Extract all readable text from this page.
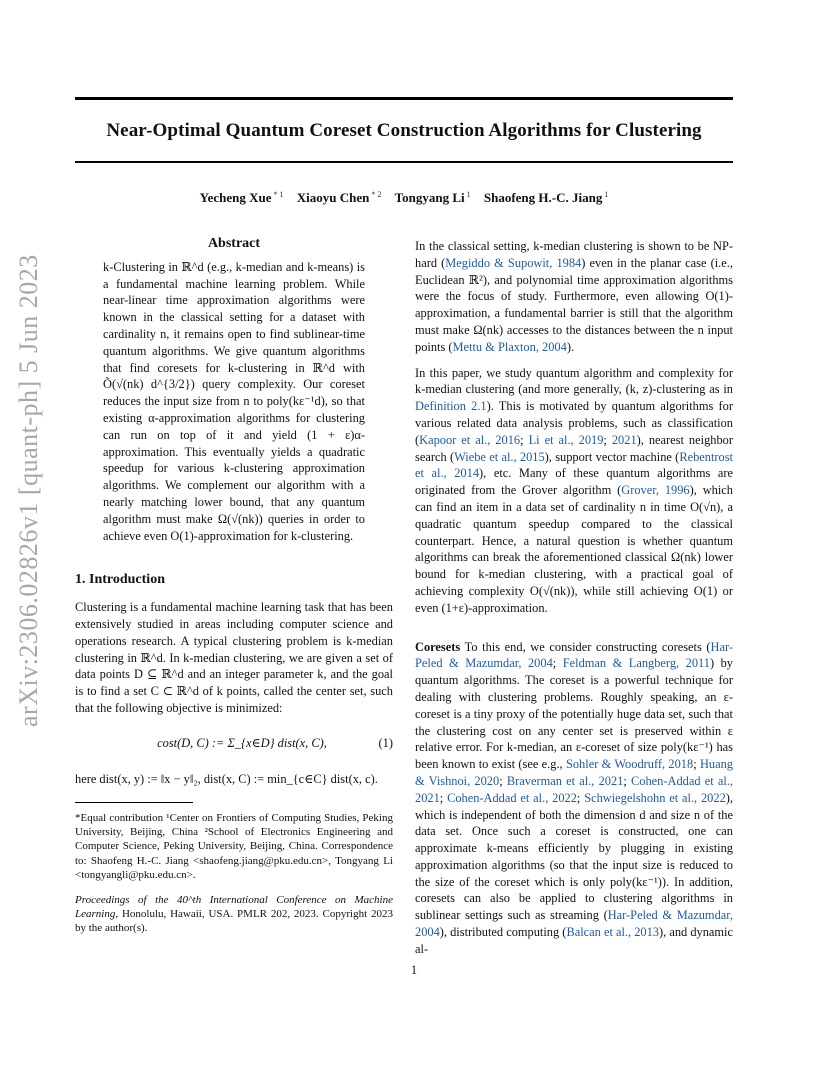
arXiv:2306.02826v1 [quant-ph] 5 Jun 2023
Near-Optimal Quantum Coreset Construction Algorithms for Clustering
Yecheng Xue $^{* 1}$ Xiaoyu Chen $^{* 2}$ Tongyang Li $^1$ Shaofeng H.-C. Jiang $^1$
Abstract
k-Clustering in ℝ^d (e.g., k-median and k-means) is a fundamental machine learning problem. While near-linear time approximation algorithms were known in the classical setting for a dataset with cardinality n, it remains open to find sublinear-time quantum algorithms. We give quantum algorithms that find coresets for k-clustering in ℝ^d with Õ(√(nk) d^{3/2}) query complexity. Our coreset reduces the input size from n to poly(kε⁻¹d), so that existing α-approximation algorithms for clustering can run on top of it and yield (1 + ε)α-approximation. This eventually yields a quadratic speedup for various k-clustering approximation algorithms. We complement our algorithm with a nearly matching lower bound, that any quantum algorithm must make Ω(√(nk)) queries in order to achieve even O(1)-approximation for k-clustering.
1. Introduction

Clustering is a fundamental machine learning task that has been extensively studied in areas including computer science and operations research. A typical clustering problem is k-median clustering in ℝ^d. In k-median clustering, we are given a set of data points D ⊆ ℝ^d and an integer parameter k, and the goal is to find a set C ⊂ ℝ^d of k points, called the center set, such that the following objective is minimized:

cost(D, C) := Σ_{x∈D} dist(x, C),	(1)

here dist(x, y) := ‖x − y‖₂, dist(x, C) := min_{c∈C} dist(x, c).

*Equal contribution ¹Center on Frontiers of Computing Studies, Peking University, Beijing, China ²School of Electronics Engineering and Computer Science, Peking University, Beijing, China. Correspondence to: Shaofeng H.-C. Jiang <shaofeng.jiang@pku.edu.cn>, Tongyang Li <tongyangli@pku.edu.cn>.

Proceedings of the 40^th International Conference on Machine Learning, Honolulu, Hawaii, USA. PMLR 202, 2023. Copyright 2023 by the author(s).

In the classical setting, k-median clustering is shown to be NP-hard (Megiddo & Supowit, 1984) even in the planar case (i.e., Euclidean ℝ²), and polynomial time approximation algorithms were the focus of study. Furthermore, even allowing O(1)-approximation, a fundamental barrier is still that the algorithm must make Ω(nk) accesses to the distances between the n input points (Mettu & Plaxton, 2004).

In this paper, we study quantum algorithm and complexity for k-median clustering (and more generally, (k, z)-clustering as in Definition 2.1). This is motivated by quantum algorithms for various related data analysis problems, such as classification (Kapoor et al., 2016; Li et al., 2019; 2021), nearest neighbor search (Wiebe et al., 2015), support vector machine (Rebentrost et al., 2014), etc. Many of these quantum algorithms are originated from the Grover algorithm (Grover, 1996), which can find an item in a data set of cardinality n in time O(√n), a quadratic quantum speedup compared to the classical counterpart. Hence, a natural question is whether quantum algorithms can break the aforementioned classical Ω(nk) lower bound for k-median clustering, with a practical goal of achieving complexity O(√(nk)), while still achieving O(1) or even (1+ε)-approximation.

Coresets To this end, we consider constructing coresets (Har-Peled & Mazumdar, 2004; Feldman & Langberg, 2011) by quantum algorithms. The coreset is a powerful technique for dealing with clustering problems. Roughly speaking, an ε-coreset is a tiny proxy of the potentially huge data set, such that the clustering cost on any center set is preserved within ε relative error. For k-median, an ε-coreset of size poly(kε⁻¹) has been known to exist (see e.g., Sohler & Woodruff, 2018; Huang & Vishnoi, 2020; Braverman et al., 2021; Cohen-Addad et al., 2021; Cohen-Addad et al., 2022; Schwiegelshohn et al., 2022), which is independent of both the dimension d and size n of the data set. Once such a coreset is constructed, one can approximate k-means efficiently by plugging in existing approximation algorithms (so that the input size is reduced to the size of the coreset which is only poly(kε⁻¹)). In addition, coresets can also be applied to clustering algorithms in sublinear settings such as streaming (Har-Peled & Mazumdar, 2004), distributed computing (Balcan et al., 2013), and dynamic al-

1
